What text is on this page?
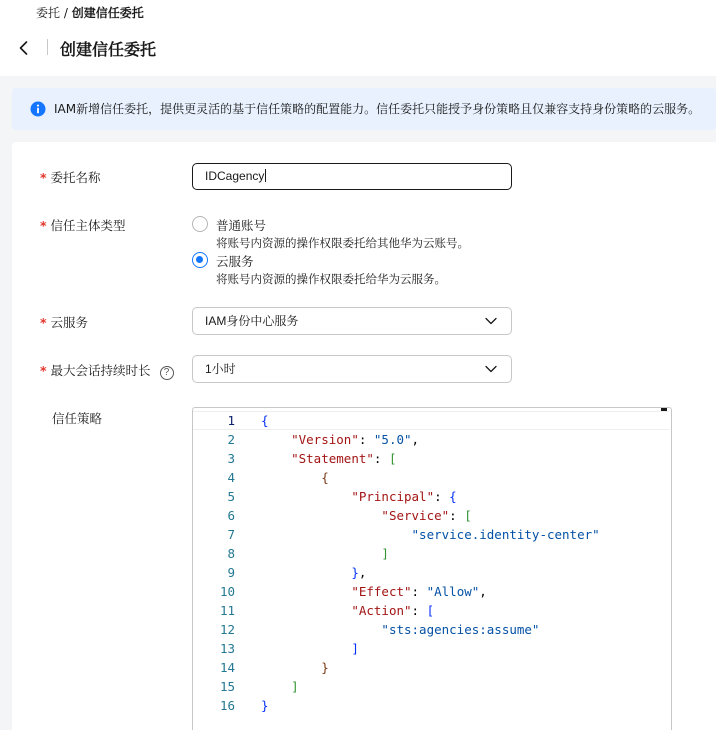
委托 / 创建信任委托
创建信任委托
IAM新增信任委托，提供更灵活的基于信任策略的配置能力。信任委托只能授予身份策略且仅兼容支持身份策略的云服务。
* 委托名称	IDCagency
* 信任主体类型	普通账号
将账号内资源的操作权限委托给其他华为云账号。
云服务
将账号内资源的操作权限委托给华为云服务。
* 云服务	IAM身份中心服务
* 最大会话持续时长 ?	1小时
信任策略	1 {
2	"Version": "5.0",
3	"Statement": [
4	{
5	"Principal": {
6	"Service": [
7	"service.identity-center"
8	]
9	},
10	"Effect": "Allow",
11	"Action": [
12	"sts:agencies:assume"
13	]
14	}
15	]
16 }
